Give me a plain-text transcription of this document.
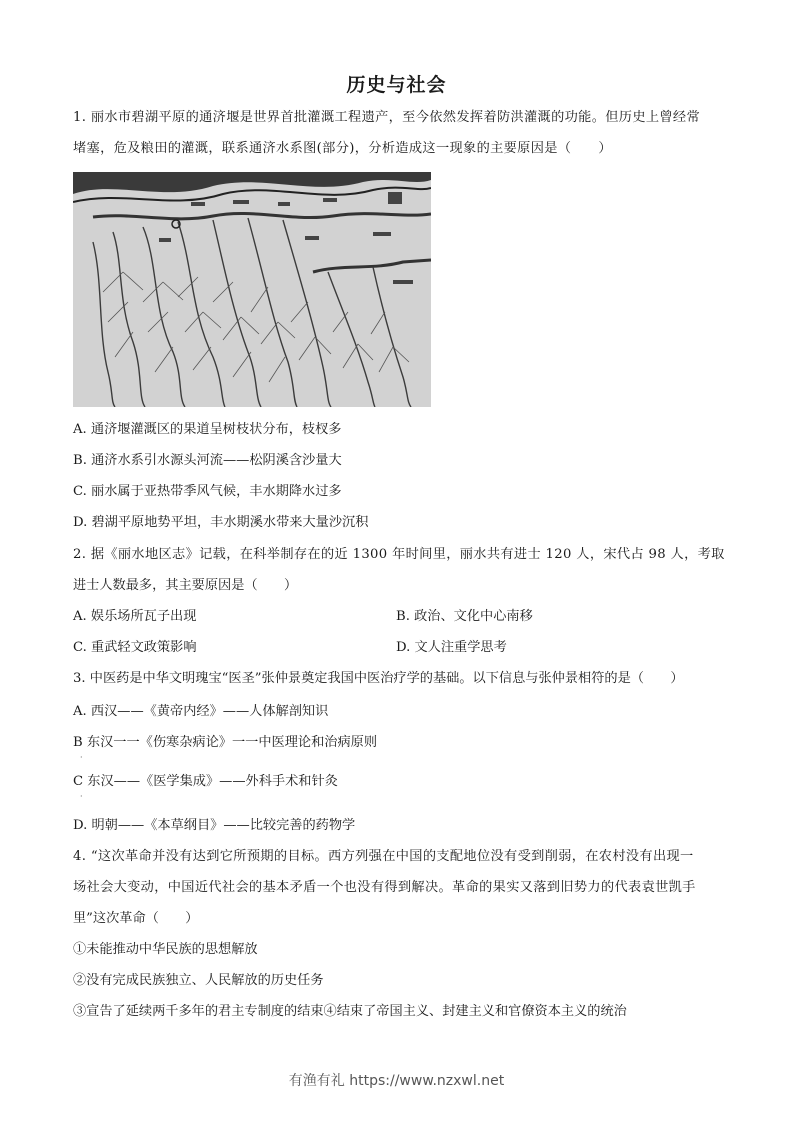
历史与社会
1. 丽水市碧湖平原的通济堰是世界首批灌溉工程遗产，至今依然发挥着防洪灌溉的功能。但历史上曾经常
堵塞，危及粮田的灌溉，联系通济水系图(部分)，分析造成这一现象的主要原因是（　　）
A. 通济堰灌溉区的果道呈树枝状分布，枝杈多
B. 通济水系引水源头河流——松阴溪含沙量大
C. 丽水属于亚热带季风气候，丰水期降水过多
D. 碧湖平原地势平坦，丰水期溪水带来大量沙沉积
2. 据《丽水地区志》记载，在科举制存在的近 1300 年时间里，丽水共有进士 120 人，宋代占 98 人，考取
进士人数最多，其主要原因是（　　）
A. 娱乐场所瓦子出现	B. 政治、文化中心南移
C. 重武轻文政策影响	D. 文人注重学思考
3. 中医药是中华文明瑰宝“医圣”张仲景奠定我国中医治疗学的基础。以下信息与张仲景相符的是（　　）
A. 西汉——《黄帝内经》——人体解剖知识
B 东汉一一《伤寒杂病论》一一中医理论和治病原则
·
C 东汉——《医学集成》——外科手术和针灸
·
D. 明朝——《本草纲目》——比较完善的药物学
4. “这次革命并没有达到它所预期的目标。西方列强在中国的支配地位没有受到削弱，在农村没有出现一
场社会大变动，中国近代社会的基本矛盾一个也没有得到解决。革命的果实又落到旧势力的代表袁世凯手
里”这次革命（　　）
①未能推动中华民族的思想解放
②没有完成民族独立、人民解放的历史任务
③宣告了延续两千多年的君主专制度的结束④结束了帝国主义、封建主义和官僚资本主义的统治
有渔有礼 https://www.nzxwl.net
